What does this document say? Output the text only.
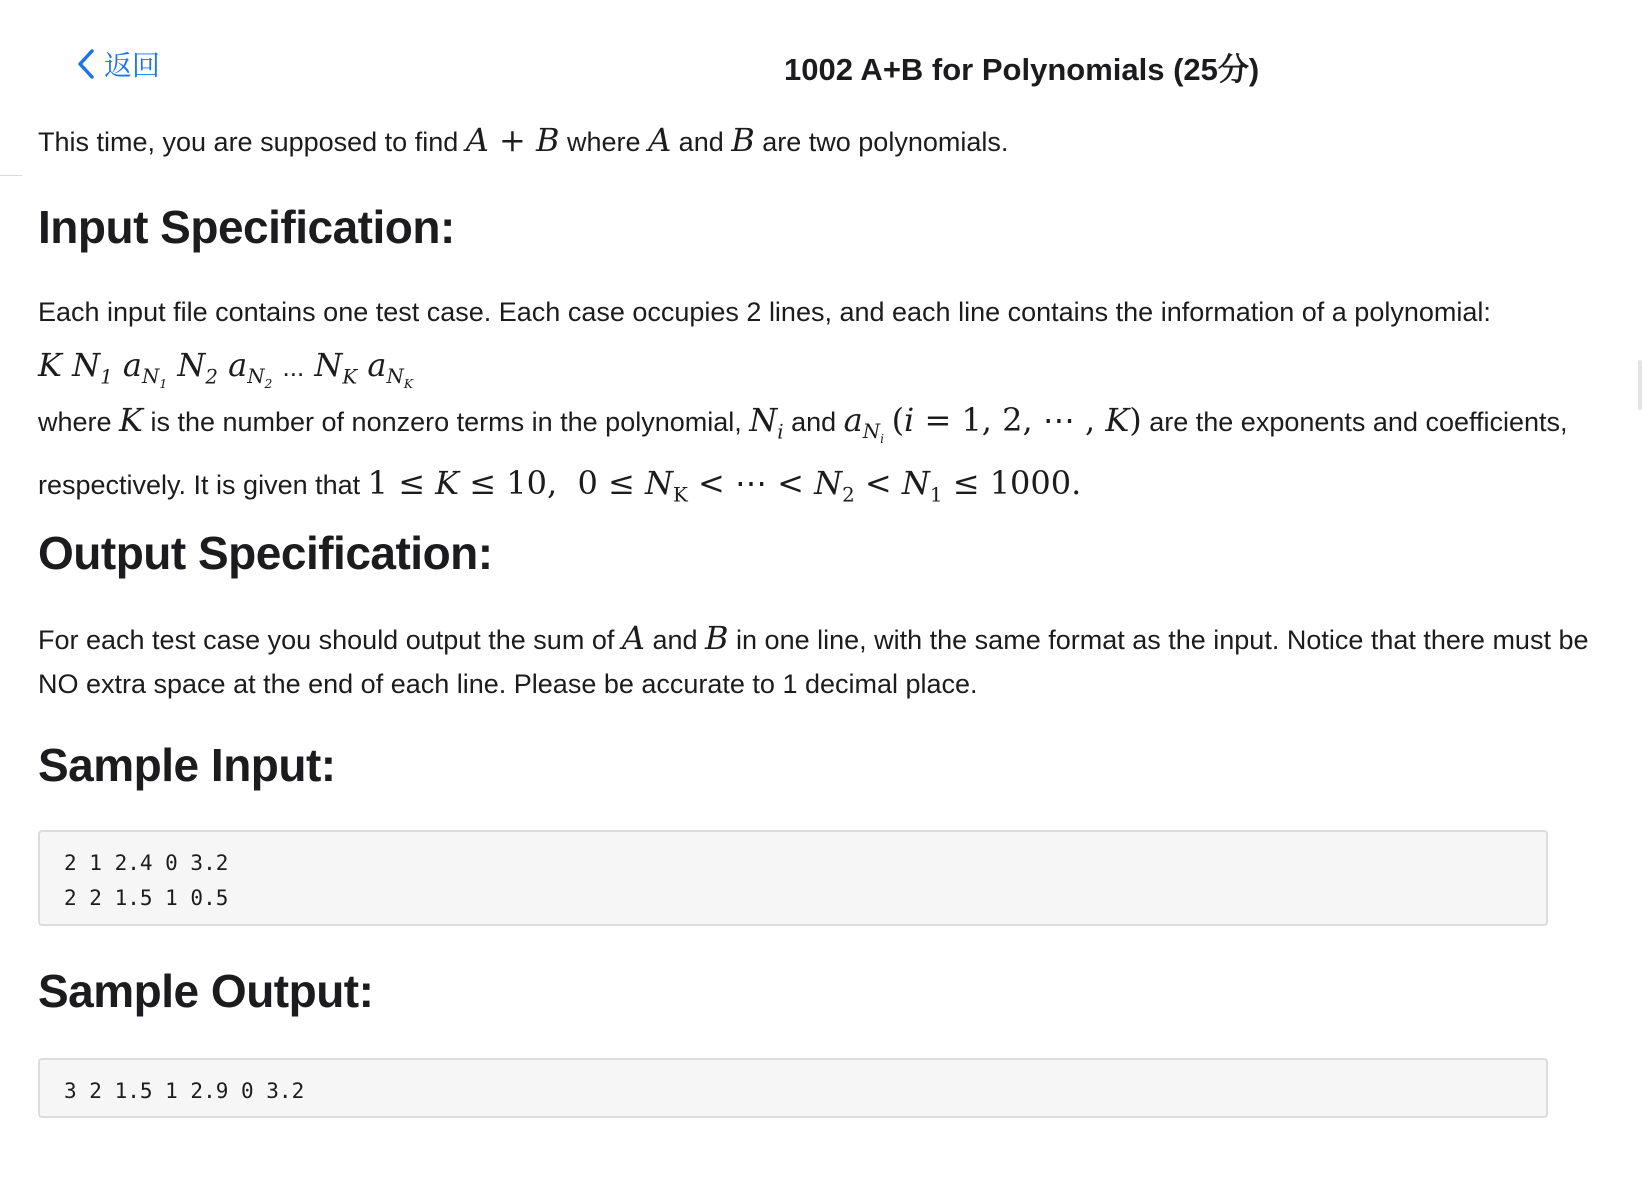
返回	1002 A+B for Polynomials (25分)

This time, you are supposed to find A + B where A and B are two polynomials.

Input Specification:

Each input file contains one test case. Each case occupies 2 lines, and each line contains the information of a polynomial:

K $N_1$ $a_{N_1}$ $N_2$ $a_{N_2}$ ... $N_K$ $a_{N_K}$

where K is the number of nonzero terms in the polynomial, $N_i$ and $a_{N_i}$ (i = 1, 2, ⋯ , K) are the exponents and coefficients, respectively. It is given that 1 ≤ K ≤ 10,  $0 \le N_K$ < ⋯ < $N_2 < N_1 \le 1000$.

Output Specification:

For each test case you should output the sum of A and B in one line, with the same format as the input. Notice that there must be NO extra space at the end of each line. Please be accurate to 1 decimal place.

Sample Input:
2 1 2.4 0 3.2
2 2 1.5 1 0.5
Sample Output:
3 2 1.5 1 2.9 0 3.2
